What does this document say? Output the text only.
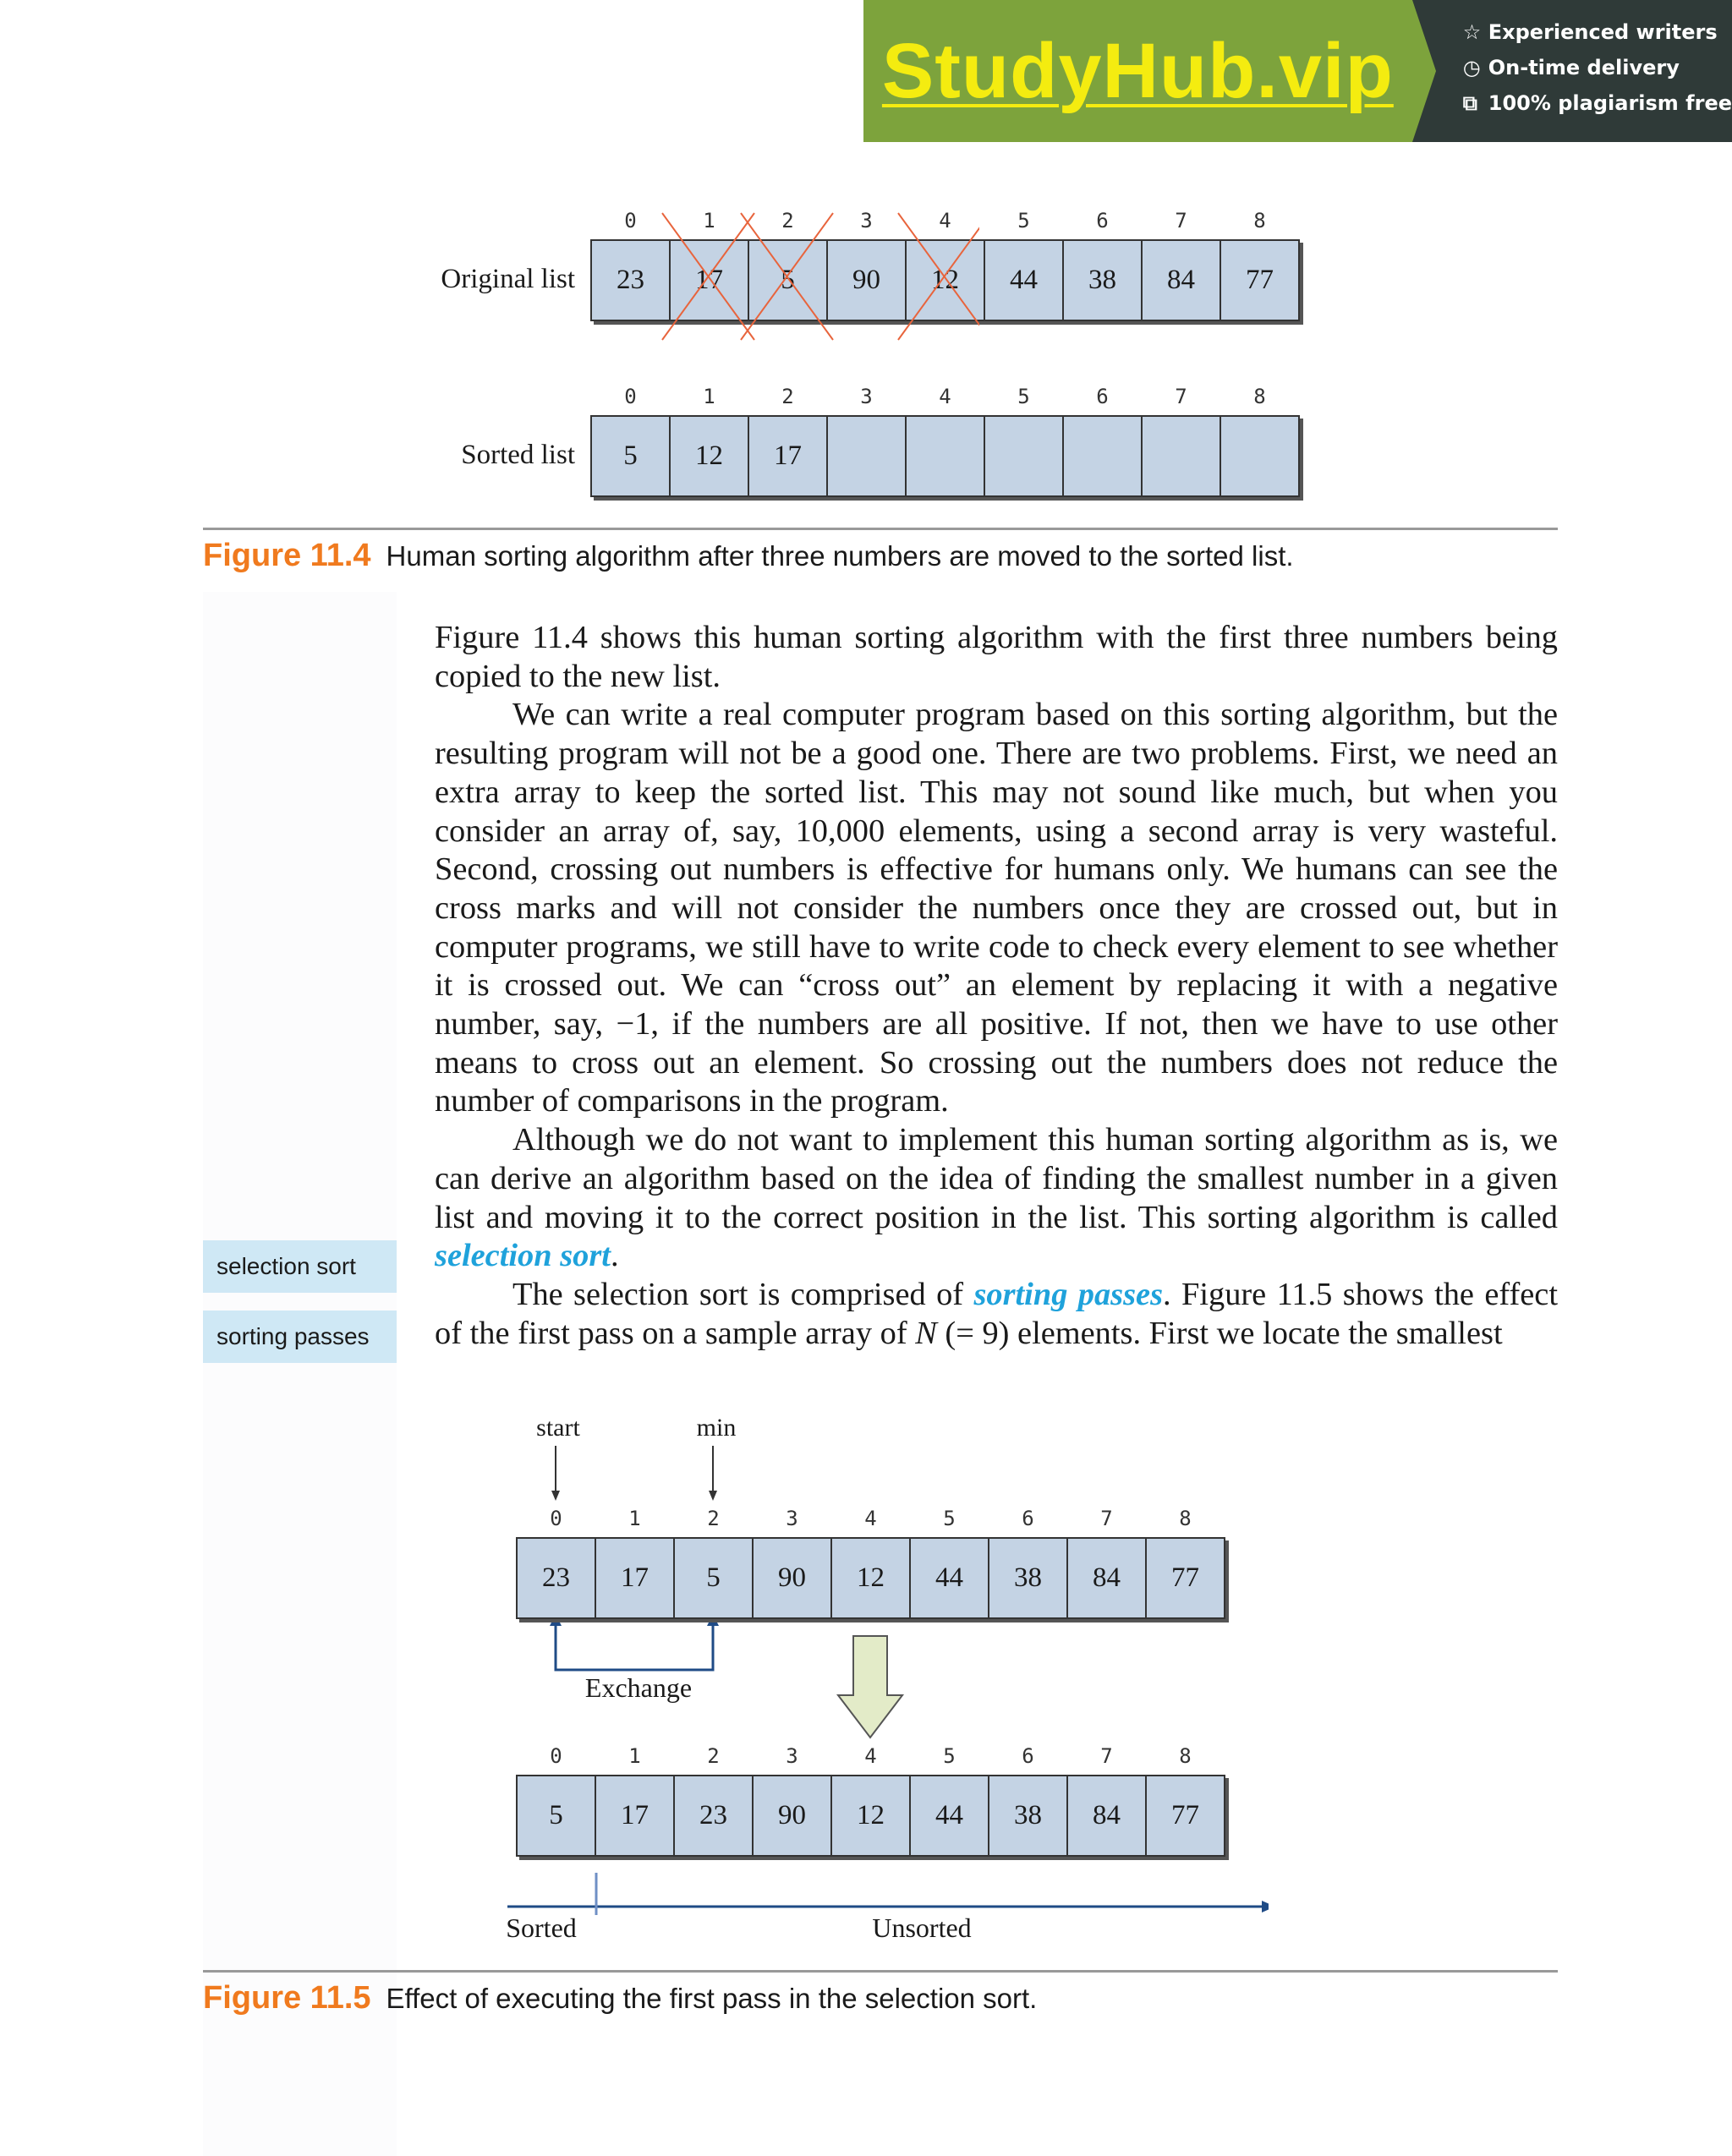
StudyHub.vip	☆ Experienced writers
◷ On-time delivery
⧉ 100% plagiarism free
0	1	2	3	4	5	6	7	8
Original list	23	17	5	90	12	44	38	84	77
0	1	2	3	4	5	6	7	8
Sorted list	5	12	17
Figure 11.4 Human sorting algorithm after three numbers are moved to the sorted list.

Figure 11.4 shows this human sorting algorithm with the first three numbers being copied to the new list.

We can write a real computer program based on this sorting algorithm, but the resulting program will not be a good one. There are two problems. First, we need an extra array to keep the sorted list. This may not sound like much, but when you consider an array of, say, 10,000 elements, using a second array is very wasteful. Second, crossing out numbers is effective for humans only. We humans can see the cross marks and will not consider the numbers once they are crossed out, but in computer programs, we still have to write code to check every element to see whether it is crossed out. We can “cross out” an element by replacing it with a negative number, say, −1, if the numbers are all positive. If not, then we have to use other means to cross out an element. So crossing out the numbers does not reduce the number of comparisons in the program.

Although we do not want to implement this human sorting algorithm as is, we can derive an algorithm based on the idea of finding the smallest number in a given list and moving it to the correct position in the list. This sorting algorithm is called selection sort.

The selection sort is comprised of sorting passes. Figure 11.5 shows the effect of the first pass on a sample array of N (= 9) elements. First we locate the smallest

selection sort
sorting passes
start	min
0	1	2	3	4	5	6	7	8
23	17	5	90	12	44	38	84	77
Exchange
0	1	2	3	4	5	6	7	8
5	17	23	90	12	44	38	84	77
Sorted	Unsorted
Figure 11.5 Effect of executing the first pass in the selection sort.
